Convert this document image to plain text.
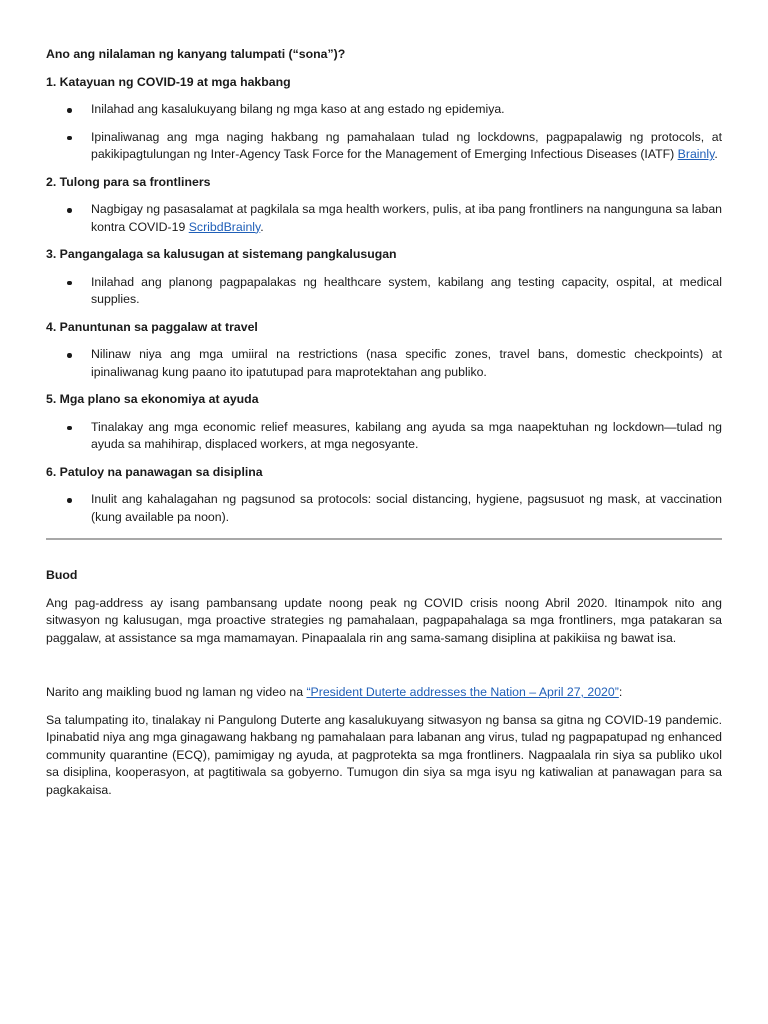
Ano ang nilalaman ng kanyang talumpati (“sona”)?
1. Katayuan ng COVID-19 at mga hakbang
Inilahad ang kasalukuyang bilang ng mga kaso at ang estado ng epidemiya.
Ipinaliwanag ang mga naging hakbang ng pamahalaan tulad ng lockdowns, pagpapalawig ng protocols, at pakikipagtulungan ng Inter-Agency Task Force for the Management of Emerging Infectious Diseases (IATF) Brainly.
2. Tulong para sa frontliners
Nagbigay ng pasasalamat at pagkilala sa mga health workers, pulis, at iba pang frontliners na nangunguna sa laban kontra COVID-19 ScribdBrainly.
3. Pangangalaga sa kalusugan at sistemang pangkalusugan
Inilahad ang planong pagpapalakas ng healthcare system, kabilang ang testing capacity, ospital, at medical supplies.
4. Panuntunan sa paggalaw at travel
Nilinaw niya ang mga umiiral na restrictions (nasa specific zones, travel bans, domestic checkpoints) at ipinaliwanag kung paano ito ipatutupad para maprotektahan ang publiko.
5. Mga plano sa ekonomiya at ayuda
Tinalakay ang mga economic relief measures, kabilang ang ayuda sa mga naapektuhan ng lockdown—tulad ng ayuda sa mahihirap, displaced workers, at mga negosyante.
6. Patuloy na panawagan sa disiplina
Inulit ang kahalagahan ng pagsunod sa protocols: social distancing, hygiene, pagsusuot ng mask, at vaccination (kung available pa noon).
Buod

Ang pag-address ay isang pambansang update noong peak ng COVID crisis noong Abril 2020. Itinampok nito ang sitwasyon ng kalusugan, mga proactive strategies ng pamahalaan, pagpapahalaga sa mga frontliners, mga patakaran sa paggalaw, at assistance sa mga mamamayan. Pinapaalala rin ang sama-samang disiplina at pakikiisa ng bawat isa.

Narito ang maikling buod ng laman ng video na “President Duterte addresses the Nation – April 27, 2020”:

Sa talumpating ito, tinalakay ni Pangulong Duterte ang kasalukuyang sitwasyon ng bansa sa gitna ng COVID-19 pandemic. Ipinabatid niya ang mga ginagawang hakbang ng pamahalaan para labanan ang virus, tulad ng pagpapatupad ng enhanced community quarantine (ECQ), pamimigay ng ayuda, at pagprotekta sa mga frontliners. Nagpaalala rin siya sa publiko ukol sa disiplina, kooperasyon, at pagtitiwala sa gobyerno. Tumugon din siya sa mga isyu ng katiwalian at panawagan para sa pagkakaisa.
